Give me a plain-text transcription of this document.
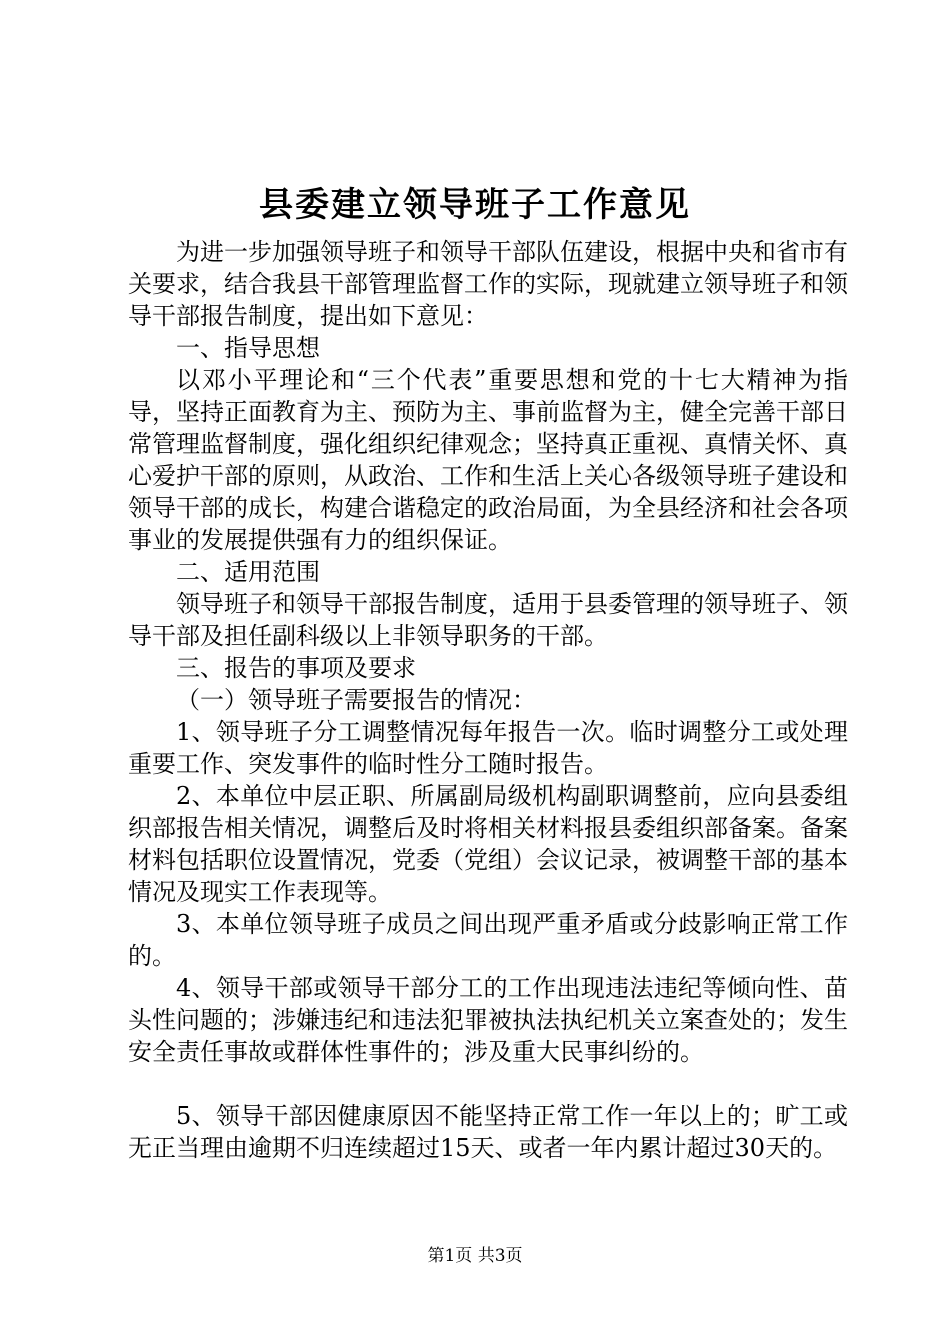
县委建立领导班子工作意见

为进一步加强领导班子和领导干部队伍建设，根据中央和省市有关要求，结合我县干部管理监督工作的实际，现就建立领导班子和领导干部报告制度，提出如下意见：

一、指导思想

以邓小平理论和“三个代表”重要思想和党的十七大精神为指导，坚持正面教育为主、预防为主、事前监督为主，健全完善干部日常管理监督制度，强化组织纪律观念；坚持真正重视、真情关怀、真心爱护干部的原则，从政治、工作和生活上关心各级领导班子建设和领导干部的成长，构建合谐稳定的政治局面，为全县经济和社会各项事业的发展提供强有力的组织保证。

二、适用范围

领导班子和领导干部报告制度，适用于县委管理的领导班子、领导干部及担任副科级以上非领导职务的干部。

三、报告的事项及要求

（一）领导班子需要报告的情况：

1、领导班子分工调整情况每年报告一次。临时调整分工或处理重要工作、突发事件的临时性分工随时报告。

2、本单位中层正职、所属副局级机构副职调整前，应向县委组织部报告相关情况，调整后及时将相关材料报县委组织部备案。备案材料包括职位设置情况，党委（党组）会议记录，被调整干部的基本情况及现实工作表现等。

3、本单位领导班子成员之间出现严重矛盾或分歧影响正常工作的。

4、领导干部或领导干部分工的工作出现违法违纪等倾向性、苗头性问题的；涉嫌违纪和违法犯罪被执法执纪机关立案查处的；发生安全责任事故或群体性事件的；涉及重大民事纠纷的。

5、领导干部因健康原因不能坚持正常工作一年以上的；旷工或无正当理由逾期不归连续超过15天、或者一年内累计超过30天的。

第1页 共3页
